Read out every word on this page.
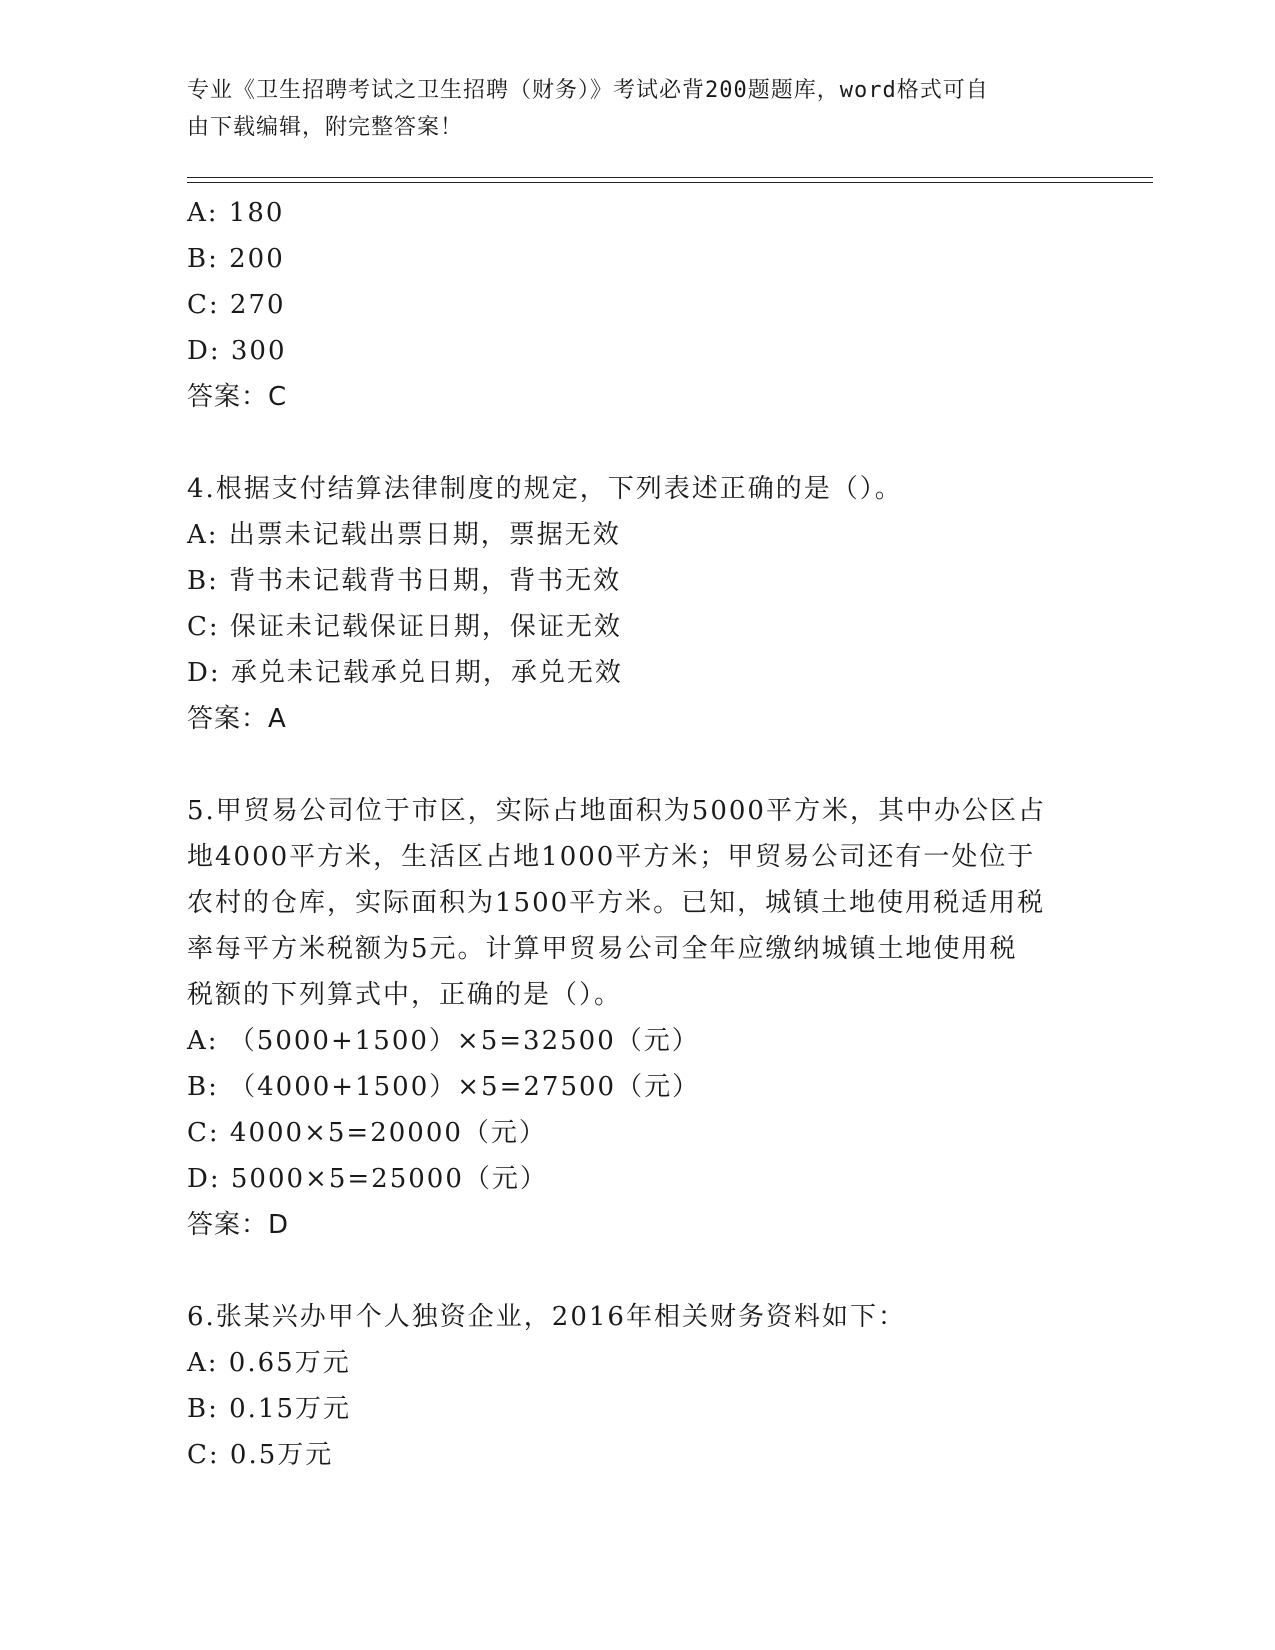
专业《卫生招聘考试之卫生招聘（财务）》考试必背200题题库，word格式可自
由下载编辑，附完整答案！
A: 180
B: 200
C: 270
D: 300
答案：C
4.根据支付结算法律制度的规定，下列表述正确的是（）。
A: 出票未记载出票日期，票据无效
B: 背书未记载背书日期，背书无效
C: 保证未记载保证日期，保证无效
D: 承兑未记载承兑日期，承兑无效
答案：A
5.甲贸易公司位于市区，实际占地面积为5000平方米，其中办公区占
地4000平方米，生活区占地1000平方米；甲贸易公司还有一处位于
农村的仓库，实际面积为1500平方米。已知，城镇土地使用税适用税
率每平方米税额为5元。计算甲贸易公司全年应缴纳城镇土地使用税
税额的下列算式中，正确的是（）。
A: （5000+1500）×5=32500（元）
B: （4000+1500）×5=27500（元）
C: 4000×5=20000（元）
D: 5000×5=25000（元）
答案：D
6.张某兴办甲个人独资企业，2016年相关财务资料如下：
A: 0.65万元
B: 0.15万元
C: 0.5万元
